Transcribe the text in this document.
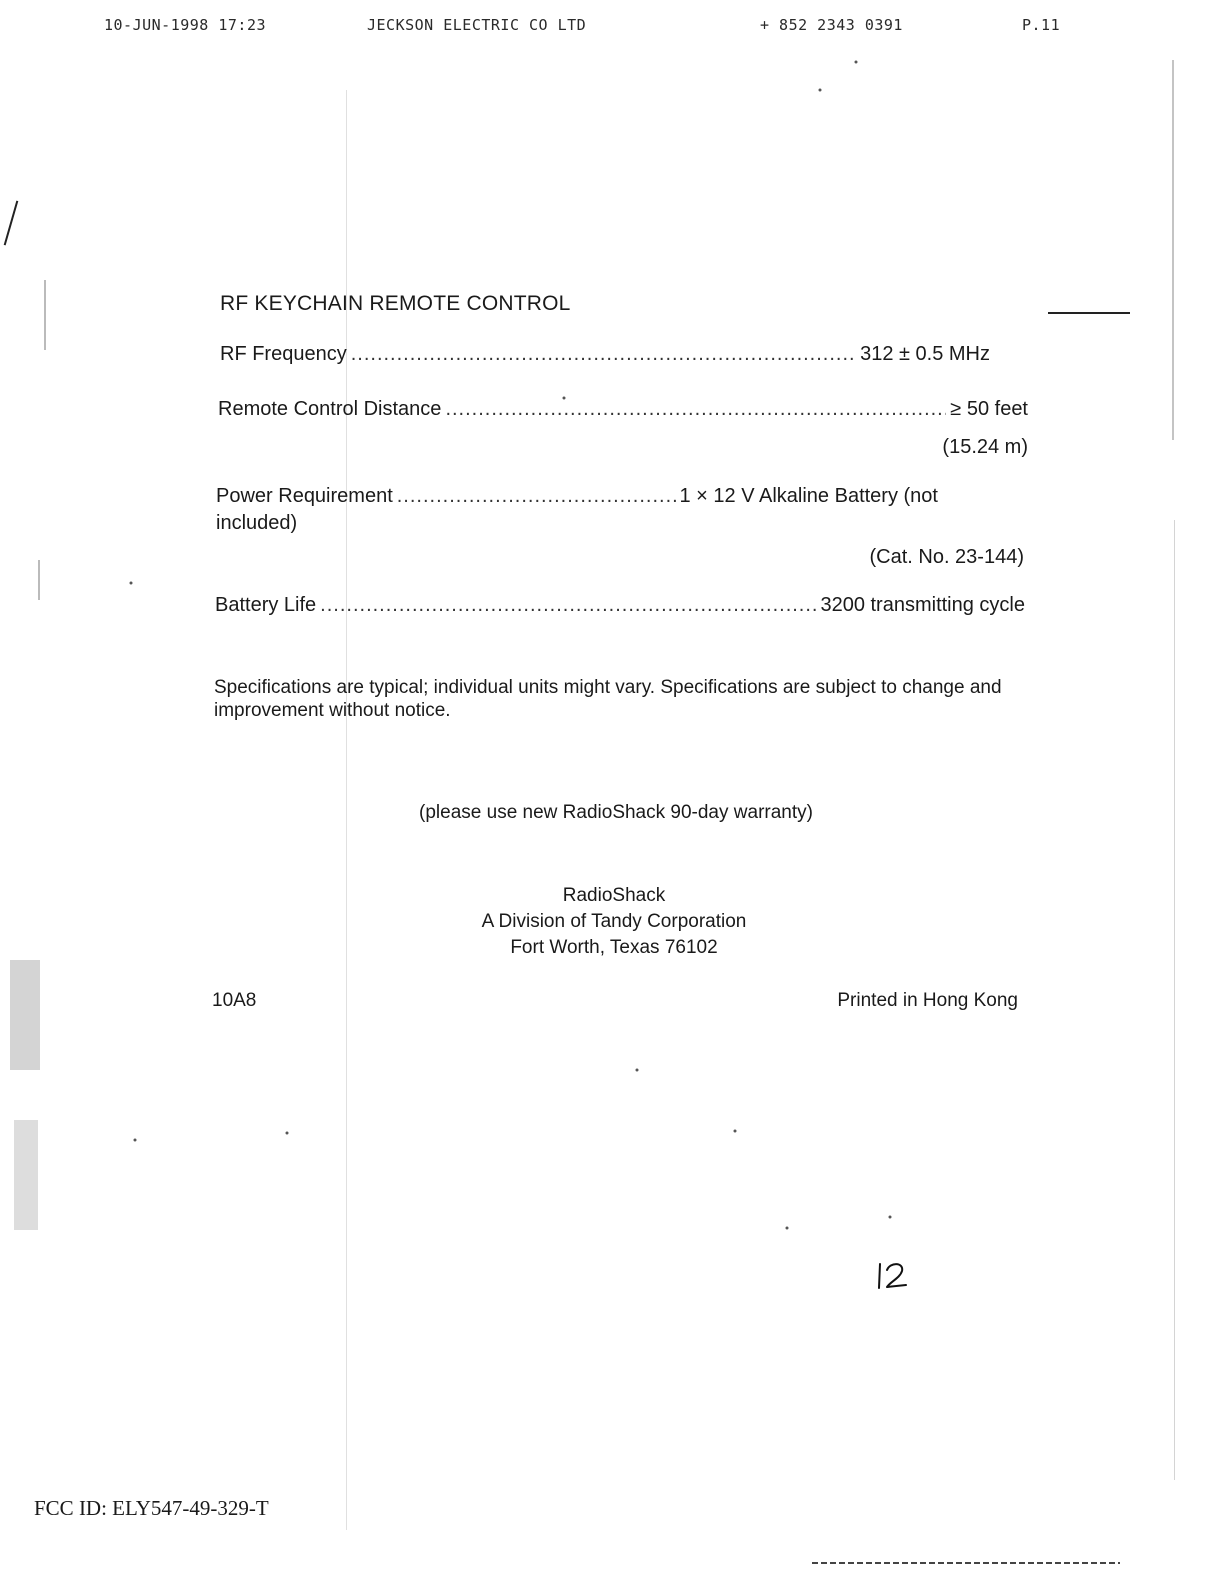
10-JUN-1998 17:23	JECKSON ELECTRIC CO LTD	+ 852 2343 0391	P.11
RF KEYCHAIN REMOTE CONTROL
RF Frequency .....	312 ± 0.5 MHz
Remote Control Distance .....	≥ 50 feet
(15.24 m)
Power Requirement .....	1 × 12 V Alkaline Battery (not
included)
(Cat. No. 23-144)
Battery Life .....	3200 transmitting cycle
Specifications are typical; individual units might vary. Specifications are subject to change and improvement without notice.
(please use new RadioShack 90-day warranty)
RadioShack
A Division of Tandy Corporation
Fort Worth, Texas 76102
10A8	Printed in Hong Kong
FCC ID: ELY547-49-329-T
